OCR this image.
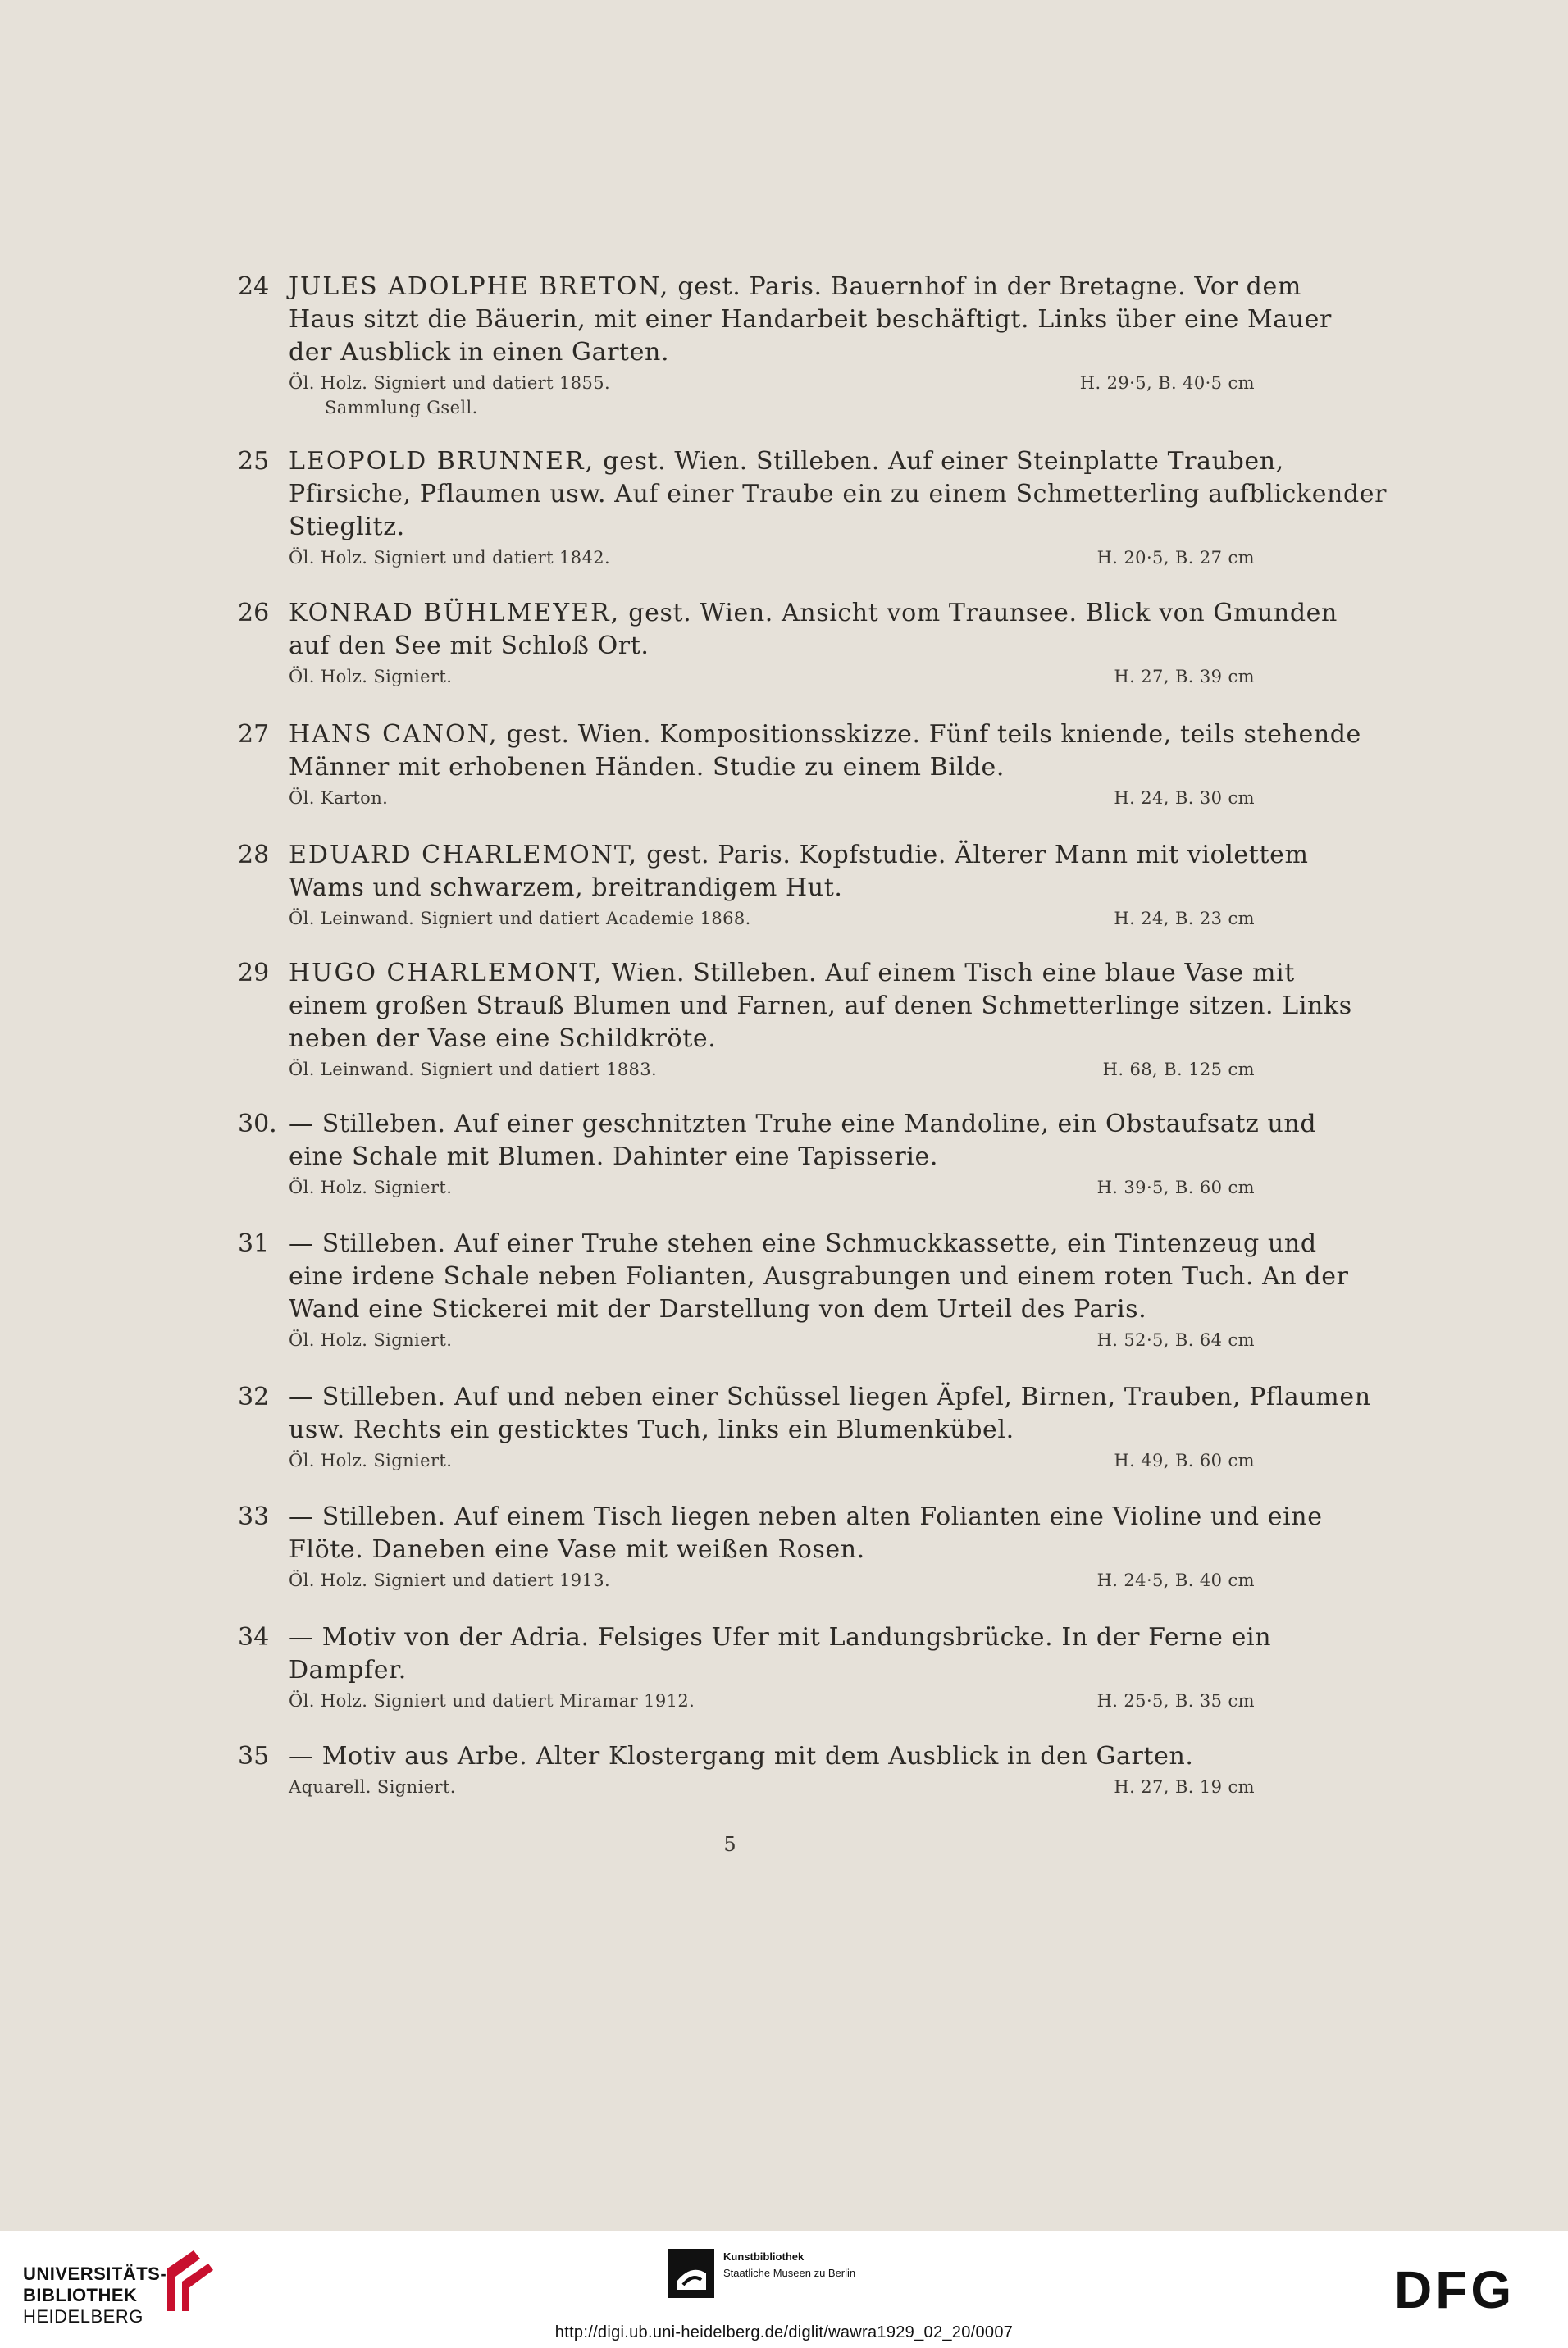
24 JULES ADOLPHE BRETON, gest. Paris. Bauernhof in der Bretagne. Vor dem
Haus sitzt die Bäuerin, mit einer Handarbeit beschäftigt. Links über eine Mauer
der Ausblick in einen Garten.
Öl. Holz. Signiert und datiert 1855.	H. 29·5, B. 40·5 cm
Sammlung Gsell.
25 LEOPOLD BRUNNER, gest. Wien. Stilleben. Auf einer Steinplatte Trauben,
Pfirsiche, Pflaumen usw. Auf einer Traube ein zu einem Schmetterling aufblickender
Stieglitz.
Öl. Holz. Signiert und datiert 1842.	H. 20·5, B. 27 cm
26 KONRAD BÜHLMEYER, gest. Wien. Ansicht vom Traunsee. Blick von Gmunden
auf den See mit Schloß Ort.
Öl. Holz. Signiert.	H. 27, B. 39 cm
27 HANS CANON, gest. Wien. Kompositionsskizze. Fünf teils kniende, teils stehende
Männer mit erhobenen Händen. Studie zu einem Bilde.
Öl. Karton.	H. 24, B. 30 cm
28 EDUARD CHARLEMONT, gest. Paris. Kopfstudie. Älterer Mann mit violettem
Wams und schwarzem, breitrandigem Hut.
Öl. Leinwand. Signiert und datiert Academie 1868.	H. 24, B. 23 cm
29 HUGO CHARLEMONT, Wien. Stilleben. Auf einem Tisch eine blaue Vase mit
einem großen Strauß Blumen und Farnen, auf denen Schmetterlinge sitzen. Links
neben der Vase eine Schildkröte.
Öl. Leinwand. Signiert und datiert 1883.	H. 68, B. 125 cm
30. — Stilleben. Auf einer geschnitzten Truhe eine Mandoline, ein Obstaufsatz und
eine Schale mit Blumen. Dahinter eine Tapisserie.
Öl. Holz. Signiert.	H. 39·5, B. 60 cm
31 — Stilleben. Auf einer Truhe stehen eine Schmuckkassette, ein Tintenzeug und
eine irdene Schale neben Folianten, Ausgrabungen und einem roten Tuch. An der
Wand eine Stickerei mit der Darstellung von dem Urteil des Paris.
Öl. Holz. Signiert.	H. 52·5, B. 64 cm
32 — Stilleben. Auf und neben einer Schüssel liegen Äpfel, Birnen, Trauben, Pflaumen
usw. Rechts ein gesticktes Tuch, links ein Blumenkübel.
Öl. Holz. Signiert.	H. 49, B. 60 cm
33 — Stilleben. Auf einem Tisch liegen neben alten Folianten eine Violine und eine
Flöte. Daneben eine Vase mit weißen Rosen.
Öl. Holz. Signiert und datiert 1913.	H. 24·5, B. 40 cm
34 — Motiv von der Adria. Felsiges Ufer mit Landungsbrücke. In der Ferne ein
Dampfer.
Öl. Holz. Signiert und datiert Miramar 1912.	H. 25·5, B. 35 cm
35 — Motiv aus Arbe. Alter Klostergang mit dem Ausblick in den Garten.
Aquarell. Signiert.	H. 27, B. 19 cm
5
UNIVERSITÄTS-
BIBLIOTHEK
HEIDELBERG
Kunstbibliothek
Staatliche Museen zu Berlin	DFG
http://digi.ub.uni-heidelberg.de/diglit/wawra1929_02_20/0007
